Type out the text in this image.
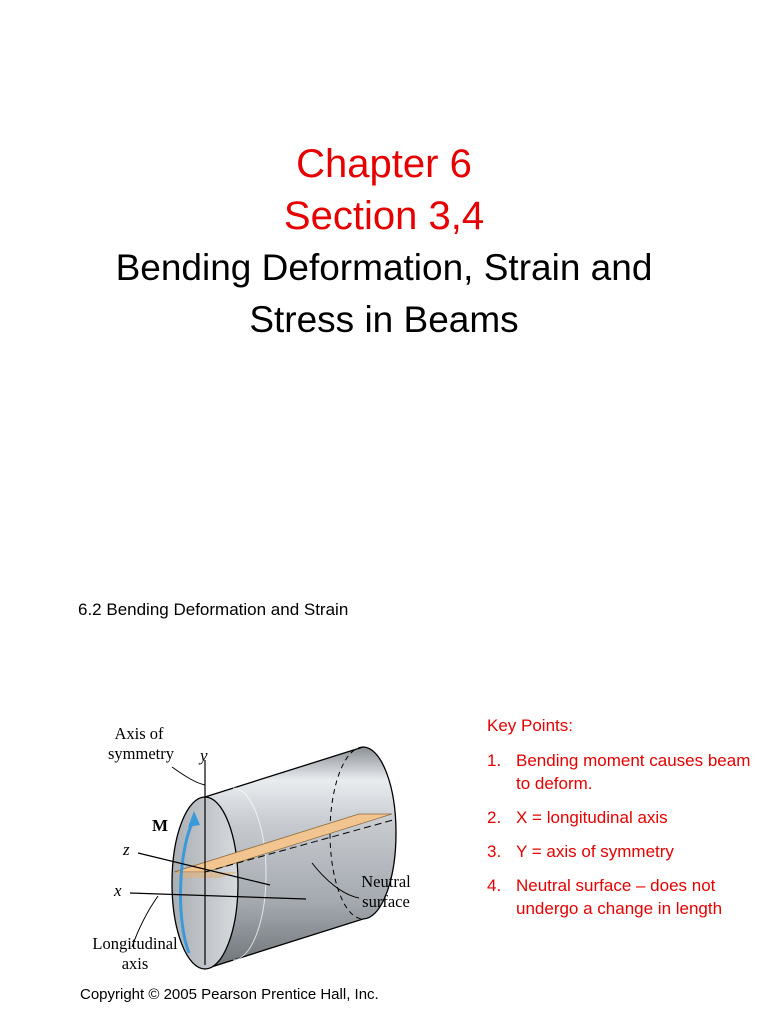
Chapter 6
Section 3,4
Bending Deformation, Strain and
Stress in Beams
6.2 Bending Deformation and Strain
Axis of
symmetry y
M
z
x	Neutral
surface
Longitudinal
axis
Key Points:
1. Bending moment causes beam to deform.
2. X = longitudinal axis
3. Y = axis of symmetry
4. Neutral surface – does not undergo a change in length
Copyright © 2005 Pearson Prentice Hall, Inc.
